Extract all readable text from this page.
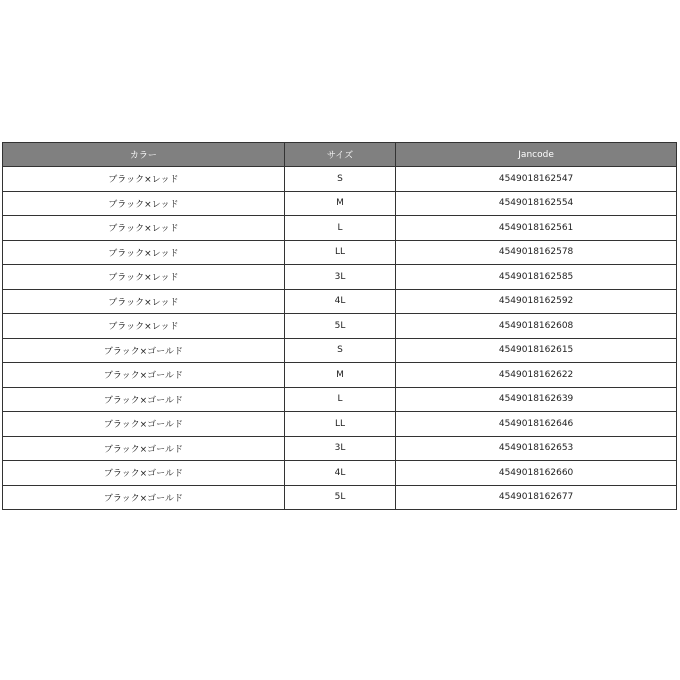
カラー	サイズ	Jancode
ブラック×レッド	S	4549018162547
ブラック×レッド	M	4549018162554
ブラック×レッド	L	4549018162561
ブラック×レッド	LL	4549018162578
ブラック×レッド	3L	4549018162585
ブラック×レッド	4L	4549018162592
ブラック×レッド	5L	4549018162608
ブラック×ゴールド	S	4549018162615
ブラック×ゴールド	M	4549018162622
ブラック×ゴールド	L	4549018162639
ブラック×ゴールド	LL	4549018162646
ブラック×ゴールド	3L	4549018162653
ブラック×ゴールド	4L	4549018162660
ブラック×ゴールド	5L	4549018162677
